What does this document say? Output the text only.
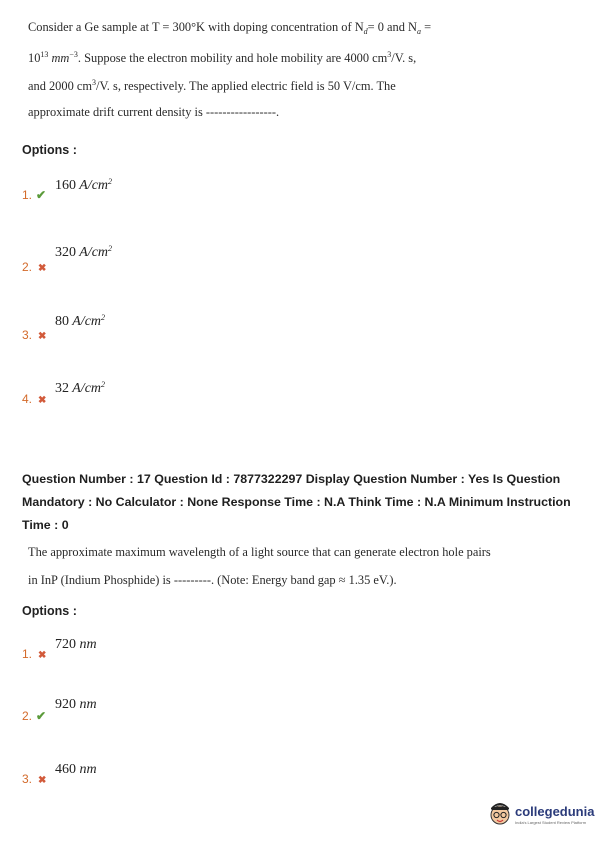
Consider a Ge sample at T = 300°K with doping concentration of $N_d= 0$ and $N_a$ =
$10^{13}$ $mm^{-3}$. Suppose the electron mobility and hole mobility are 4000 $cm^3/V$. s,
and 2000 $cm^3/V$. s, respectively. The applied electric field is 50 V/cm. The
approximate drift current density is -----------------.
Options :
1. ✔
160 $A/cm^2$
2. ✖
320 $A/cm^2$
3. ✖
80 $A/cm^2$
4. ✖
32 $A/cm^2$
Question Number : 17 Question Id : 7877322297 Display Question Number : Yes Is Question
Mandatory : No Calculator : None Response Time : N.A Think Time : N.A Minimum Instruction
Time : 0
The approximate maximum wavelength of a light source that can generate electron hole pairs
in InP (Indium Phosphide) is ---------. (Note: Energy band gap ≈ 1.35 eV.).
Options :
1. ✖
720 nm
2. ✔
920 nm
3. ✖
460 nm
collegedunia
India's Largest Student Review Platform
